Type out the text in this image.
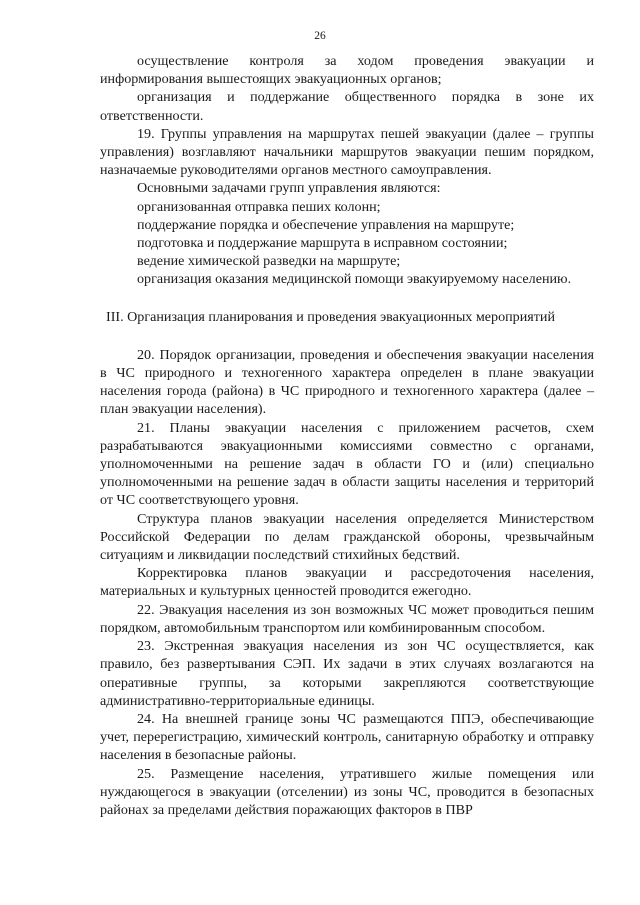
26

осуществление контроля за ходом проведения эвакуации и информирования вышестоящих эвакуационных органов;

организация и поддержание общественного порядка в зоне их ответственности.

19. Группы управления на маршрутах пешей эвакуации (далее – группы управления) возглавляют начальники маршрутов эвакуации пешим порядком, назначаемые руководителями органов местного самоуправления.

Основными задачами групп управления являются:

организованная отправка пеших колонн;

поддержание порядка и обеспечение управления на маршруте;

подготовка и поддержание маршрута в исправном состоянии;

ведение химической разведки на маршруте;

организация оказания медицинской помощи эвакуируемому населению.

III. Организация планирования и проведения эвакуационных мероприятий

20. Порядок организации, проведения и обеспечения эвакуации населения в ЧС природного и техногенного характера определен в плане эвакуации населения города (района) в ЧС природного и техногенного характера (далее – план эвакуации населения).

21. Планы эвакуации населения с приложением расчетов, схем разрабатываются эвакуационными комиссиями совместно с органами, уполномоченными на решение задач в области ГО и (или) специально уполномоченными на решение задач в области защиты населения и территорий от ЧС соответствующего уровня.

Структура планов эвакуации населения определяется Министерством Российской Федерации по делам гражданской обороны, чрезвычайным ситуациям и ликвидации последствий стихийных бедствий.

Корректировка планов эвакуации и рассредоточения населения, материальных и культурных ценностей проводится ежегодно.

22. Эвакуация населения из зон возможных ЧС может проводиться пешим порядком, автомобильным транспортом или комбинированным способом.

23. Экстренная эвакуация населения из зон ЧС осуществляется, как правило, без развертывания СЭП. Их задачи в этих случаях возлагаются на оперативные группы, за которыми закрепляются соответствующие административно-территориальные единицы.

24. На внешней границе зоны ЧС размещаются ППЭ, обеспечивающие учет, перерегистрацию, химический контроль, санитарную обработку и отправку населения в безопасные районы.

25. Размещение населения, утратившего жилые помещения или нуждающегося в эвакуации (отселении) из зоны ЧС, проводится в безопасных районах за пределами действия поражающих факторов в ПВР
